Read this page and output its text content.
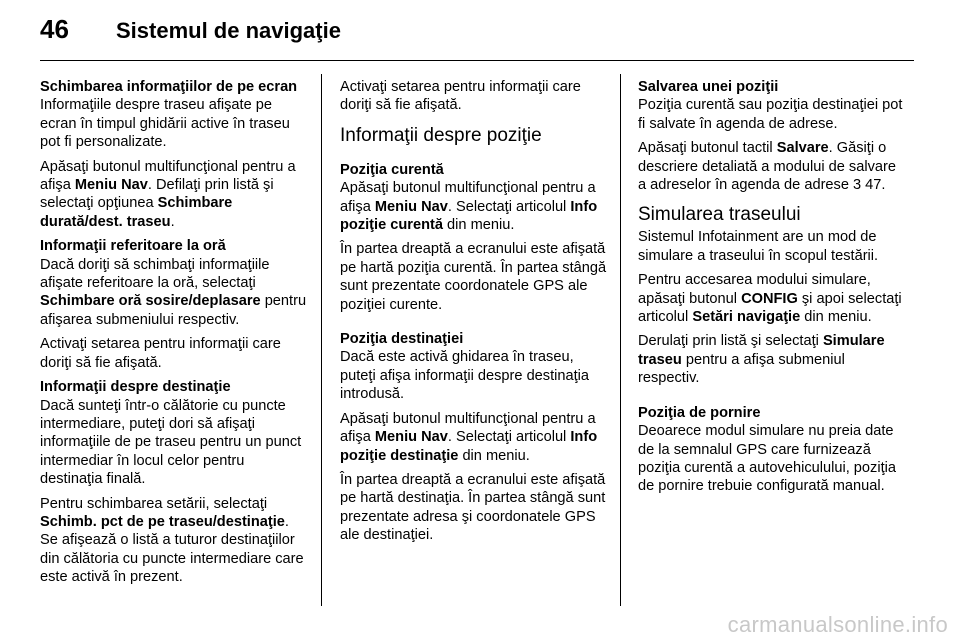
46	Sistemul de navigaţie
Schimbarea informaţiilor de pe ecran

Informaţiile despre traseu afişate pe ecran în timpul ghidării active în traseu pot fi personalizate.

Apăsaţi butonul multifuncţional pentru a afişa Meniu Nav. Defilaţi prin listă şi selectaţi opţiunea Schimbare durată/dest. traseu.

Informaţii referitoare la oră

Dacă doriţi să schimbaţi informaţiile afişate referitoare la oră, selectaţi Schimbare oră sosire/deplasare pentru afişarea submeniului respectiv.

Activaţi setarea pentru informaţii care doriţi să fie afişată.

Informaţii despre destinaţie

Dacă sunteţi într-o călătorie cu puncte intermediare, puteţi dori să afişaţi informaţiile de pe traseu pentru un punct intermediar în locul celor pentru destinaţia finală.

Pentru schimbarea setării, selectaţi Schimb. pct de pe traseu/destinaţie. Se afişează o listă a tuturor destinaţiilor din călătoria cu puncte intermediare care este activă în prezent.

Activaţi setarea pentru informaţii care doriţi să fie afişată.

Informaţii despre poziţie
Poziţia curentă

Apăsaţi butonul multifuncţional pentru a afişa Meniu Nav. Selectaţi articolul Info poziţie curentă din meniu.

În partea dreaptă a ecranului este afişată pe hartă poziţia curentă. În partea stângă sunt prezentate coordonatele GPS ale poziţiei curente.

Poziţia destinaţiei

Dacă este activă ghidarea în traseu, puteţi afişa informaţii despre destinaţia introdusă.

Apăsaţi butonul multifuncţional pentru a afişa Meniu Nav. Selectaţi articolul Info poziţie destinaţie din meniu.

În partea dreaptă a ecranului este afişată pe hartă destinaţia. În partea stângă sunt prezentate adresa şi coordonatele GPS ale destinaţiei.

Salvarea unei poziţii

Poziţia curentă sau poziţia destinaţiei pot fi salvate în agenda de adrese.

Apăsaţi butonul tactil Salvare. Găsiţi o descriere detaliată a modului de salvare a adreselor în agenda de adrese 3 47.

Simularea traseului

Sistemul Infotainment are un mod de simulare a traseului în scopul testării.

Pentru accesarea modului simulare, apăsaţi butonul CONFIG şi apoi selectaţi articolul Setări navigaţie din meniu.

Derulaţi prin listă şi selectaţi Simulare traseu pentru a afişa submeniul respectiv.

Poziţia de pornire

Deoarece modul simulare nu preia date de la semnalul GPS care furnizează poziţia curentă a autovehiculului, poziţia de pornire trebuie configurată manual.

carmanualsonline.info
